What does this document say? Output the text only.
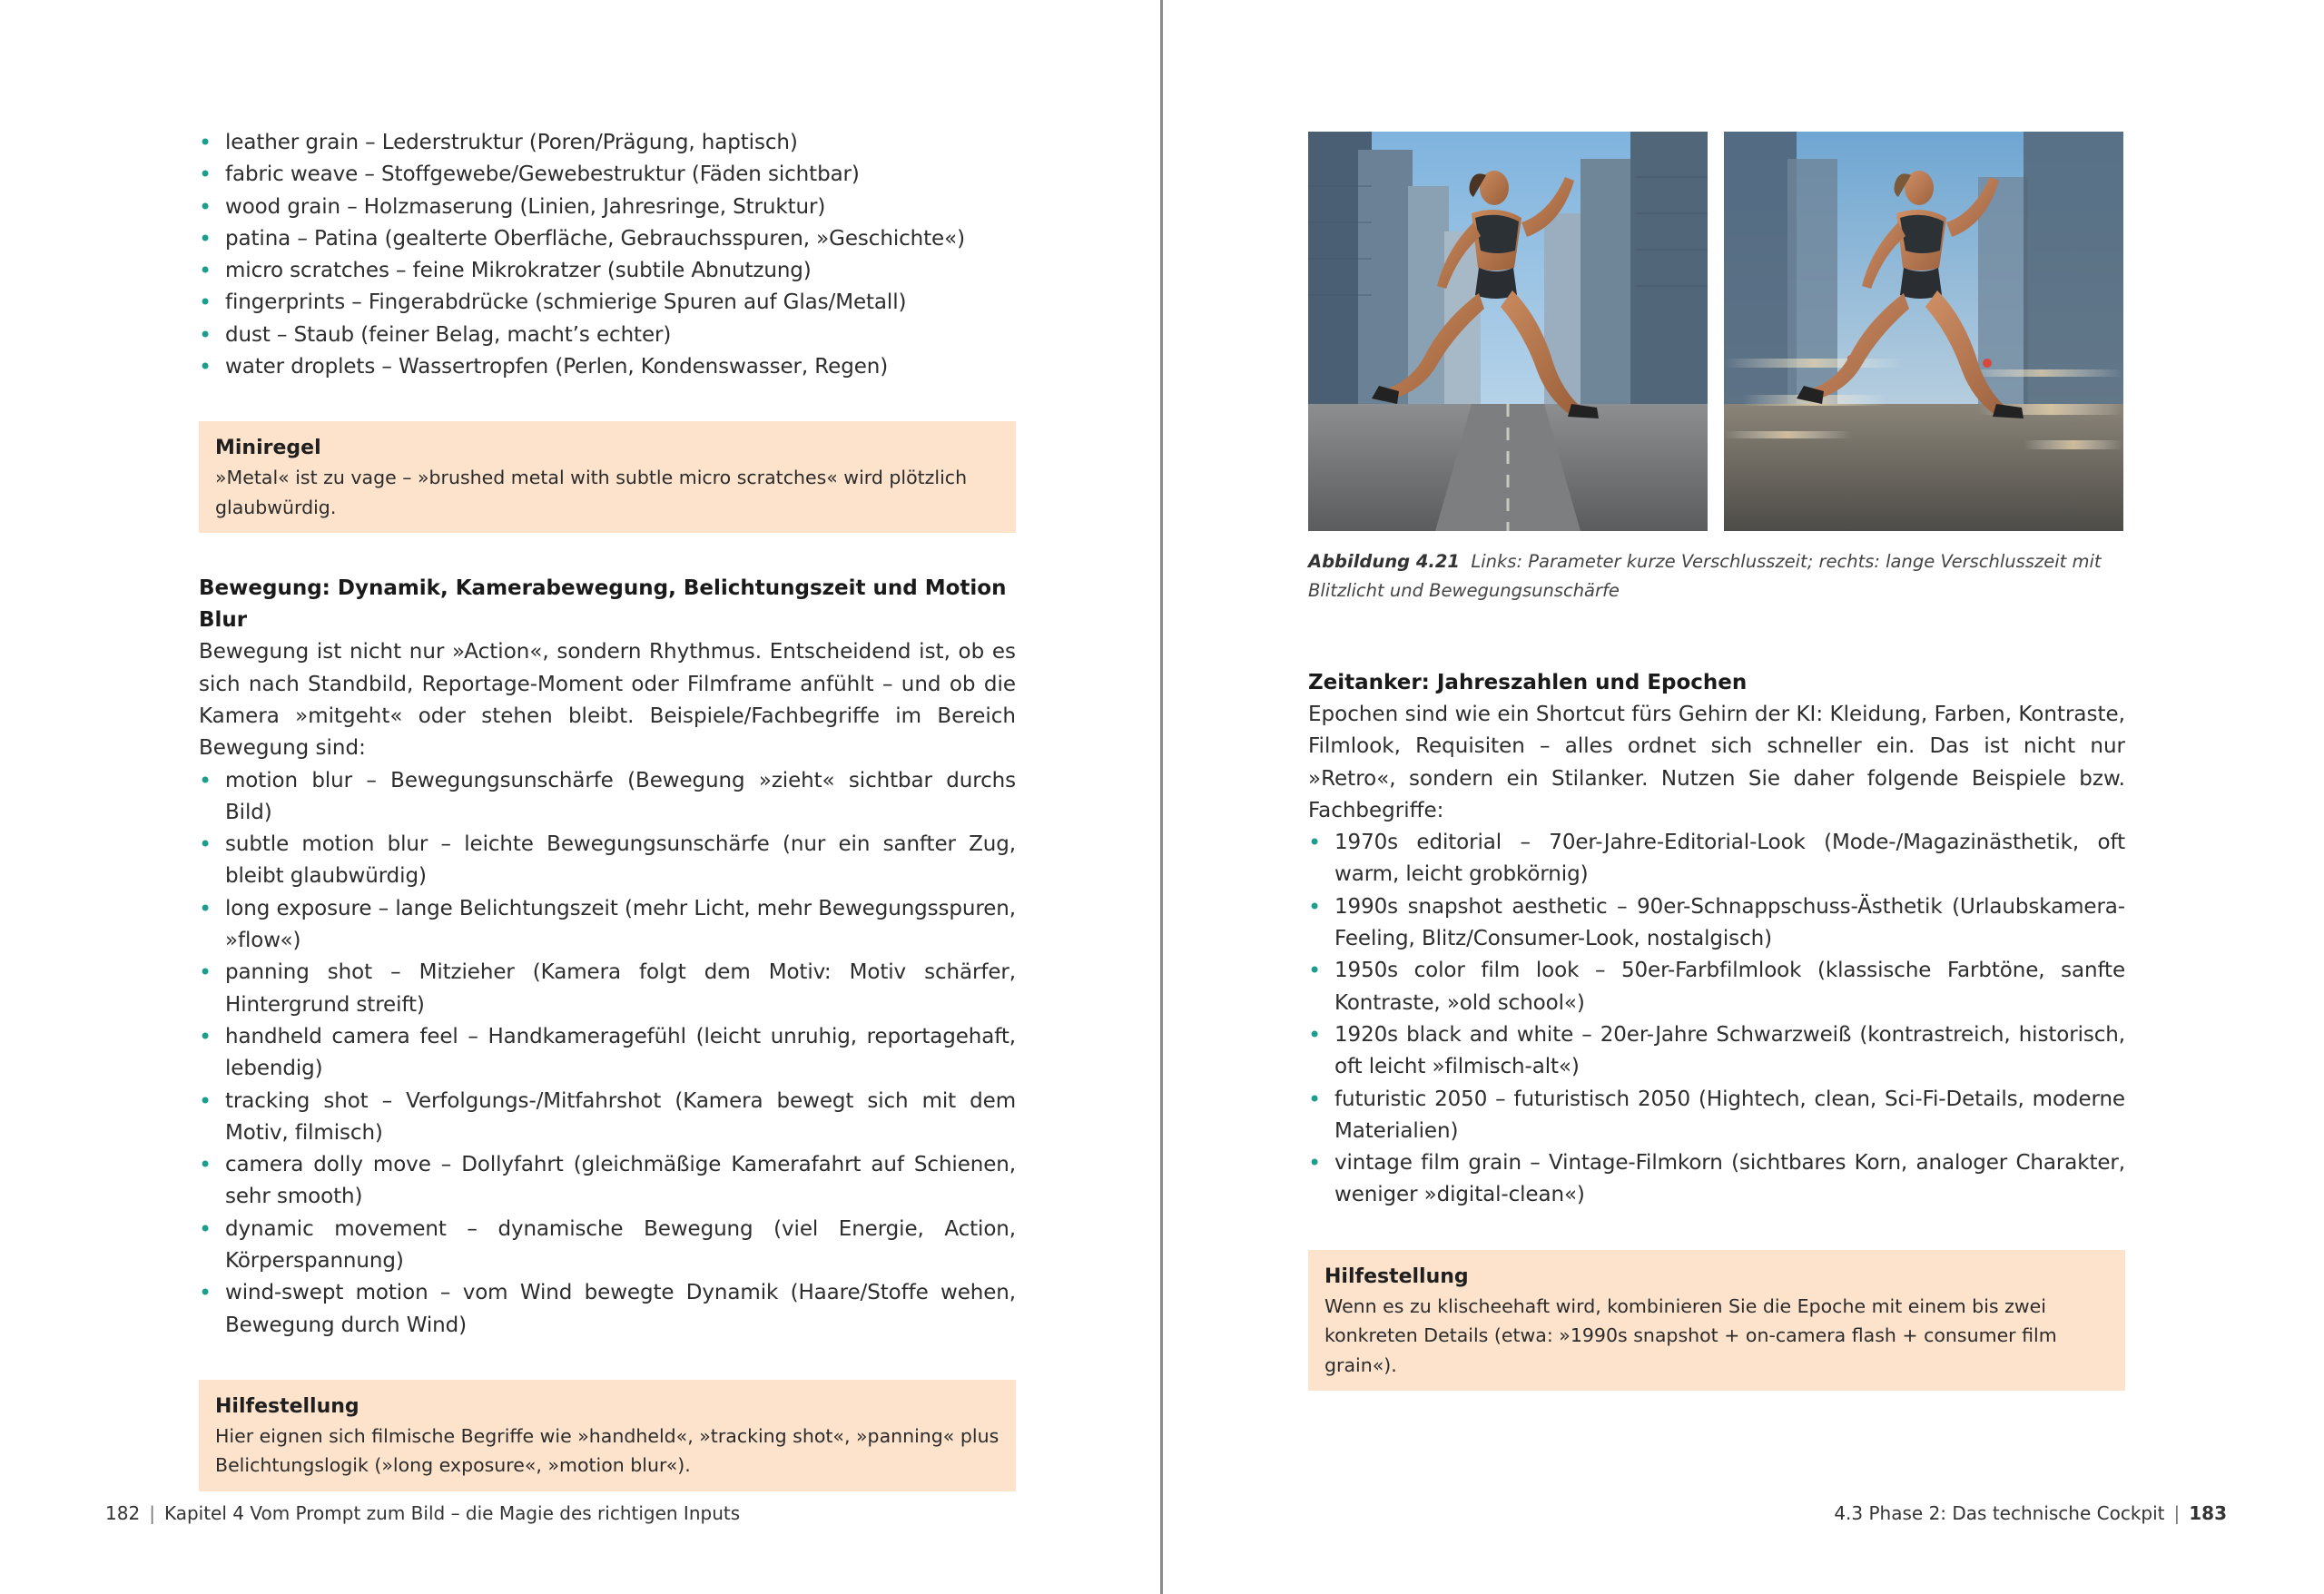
• leather grain – Lederstruktur (Poren/Prägung, haptisch)
• fabric weave – Stoffgewebe/Gewebestruktur (Fäden sichtbar)
• wood grain – Holzmaserung (Linien, Jahresringe, Struktur)
• patina – Patina (gealterte Oberfläche, Gebrauchsspuren, »Geschichte«)
• micro scratches – feine Mikrokratzer (subtile Abnutzung)
• fingerprints – Fingerabdrücke (schmierige Spuren auf Glas/Metall)
• dust – Staub (feiner Belag, macht’s echter)
• water droplets – Wassertropfen (Perlen, Kondenswasser, Regen)
Miniregel
»Metal« ist zu vage – »brushed metal with subtle micro scratches« wird plötzlich glaubwürdig.
Bewegung: Dynamik, Kamerabewegung, Belichtungszeit und Motion Blur
Bewegung ist nicht nur »Action«, sondern Rhythmus. Entscheidend ist, ob es sich nach Standbild, Reportage-Moment oder Filmframe anfühlt – und ob die Kamera »mitgeht« oder stehen bleibt. Beispiele/Fachbegriffe im Bereich Bewegung sind:
• motion blur – Bewegungsunschärfe (Bewegung »zieht« sichtbar durchs Bild)
• subtle motion blur – leichte Bewegungsunschärfe (nur ein sanfter Zug, bleibt glaubwürdig)
• long exposure – lange Belichtungszeit (mehr Licht, mehr Bewegungsspuren, »flow«)
• panning shot – Mitzieher (Kamera folgt dem Motiv: Motiv schärfer, Hintergrund streift)
• handheld camera feel – Handkameragefühl (leicht unruhig, reportagehaft, lebendig)
• tracking shot – Verfolgungs-/Mitfahrshot (Kamera bewegt sich mit dem Motiv, filmisch)
• camera dolly move – Dollyfahrt (gleichmäßige Kamerafahrt auf Schienen, sehr smooth)
• dynamic movement – dynamische Bewegung (viel Energie, Action, Körperspannung)
• wind-swept motion – vom Wind bewegte Dynamik (Haare/Stoffe wehen, Bewegung durch Wind)
Hilfestellung
Hier eignen sich filmische Begriffe wie »handheld«, »tracking shot«, »panning« plus Belichtungslogik (»long exposure«, »motion blur«).
182 | Kapitel 4 Vom Prompt zum Bild – die Magie des richtigen Inputs
Abbildung 4.21 Links: Parameter kurze Verschlusszeit; rechts: lange Verschlusszeit mit Blitzlicht und Bewegungsunschärfe
Zeitanker: Jahreszahlen und Epochen
Epochen sind wie ein Shortcut fürs Gehirn der KI: Kleidung, Farben, Kontraste, Filmlook, Requisiten – alles ordnet sich schneller ein. Das ist nicht nur »Retro«, sondern ein Stilanker. Nutzen Sie daher folgende Beispiele bzw. Fachbegriffe:
• 1970s editorial – 70er-Jahre-Editorial-Look (Mode-/Magazinästhetik, oft warm, leicht grobkörnig)
• 1990s snapshot aesthetic – 90er-Schnappschuss-Ästhetik (Urlaubskamera-Feeling, Blitz/Consumer-Look, nostalgisch)
• 1950s color film look – 50er-Farbfilmlook (klassische Farbtöne, sanfte Kontraste, »old school«)
• 1920s black and white – 20er-Jahre Schwarzweiß (kontrastreich, historisch, oft leicht »filmisch-alt«)
• futuristic 2050 – futuristisch 2050 (Hightech, clean, Sci-Fi-Details, moderne Materialien)
• vintage film grain – Vintage-Filmkorn (sichtbares Korn, analoger Charakter, weniger »digital-clean«)
Hilfestellung
Wenn es zu klischeehaft wird, kombinieren Sie die Epoche mit einem bis zwei konkreten Details (etwa: »1990s snapshot + on-camera flash + consumer film grain«).
4.3 Phase 2: Das technische Cockpit | 183
